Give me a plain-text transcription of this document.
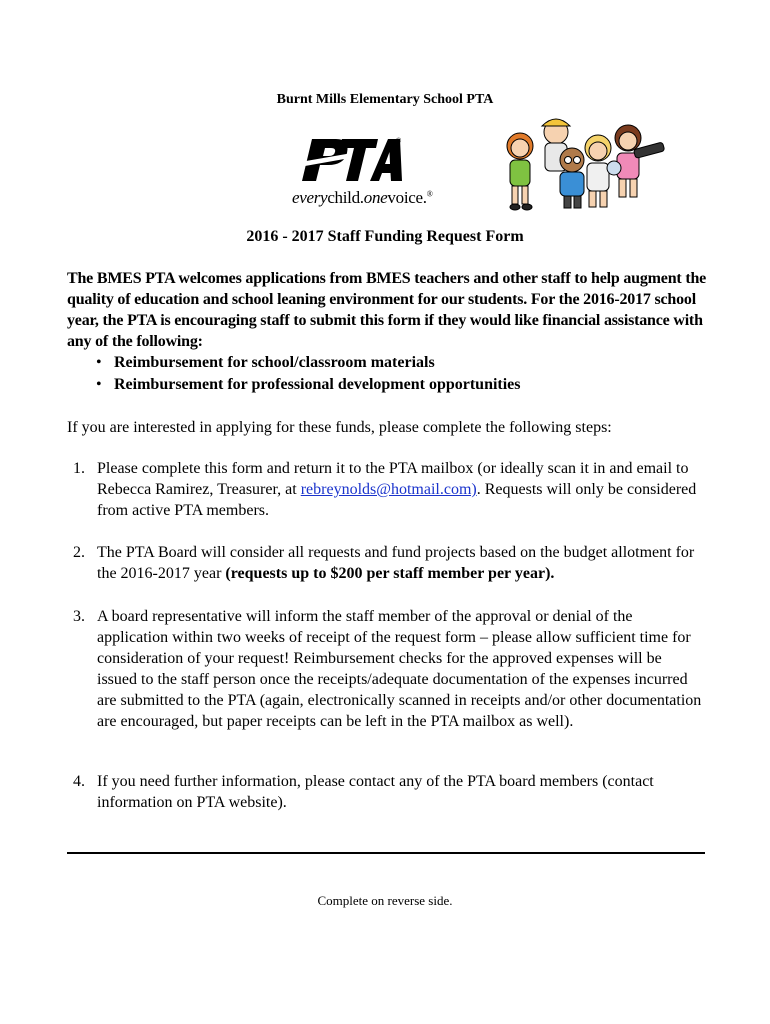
Burnt Mills Elementary School PTA
®
everychild.onevoice.®
2016 - 2017 Staff Funding Request Form
The BMES PTA welcomes applications from BMES teachers and other staff to help augment the quality of education and school leaning environment for our students. For the 2016-2017 school year, the PTA is encouraging staff to submit this form if they would like financial assistance with any of the following:
• Reimbursement for school/classroom materials
• Reimbursement for professional development opportunities
If you are interested in applying for these funds, please complete the following steps:
1. Please complete this form and return it to the PTA mailbox (or ideally scan it in and email to Rebecca Ramirez, Treasurer, at rebreynolds@hotmail.com). Requests will only be considered from active PTA members.
2. The PTA Board will consider all requests and fund projects based on the budget allotment for the 2016-2017 year (requests up to $200 per staff member per year).
3. A board representative will inform the staff member of the approval or denial of the application within two weeks of receipt of the request form – please allow sufficient time for consideration of your request! Reimbursement checks for the approved expenses will be issued to the staff person once the receipts/adequate documentation of the expenses incurred are submitted to the PTA (again, electronically scanned in receipts and/or other documentation are encouraged, but paper receipts can be left in the PTA mailbox as well).
4. If you need further information, please contact any of the PTA board members (contact information on PTA website).
Complete on reverse side.
